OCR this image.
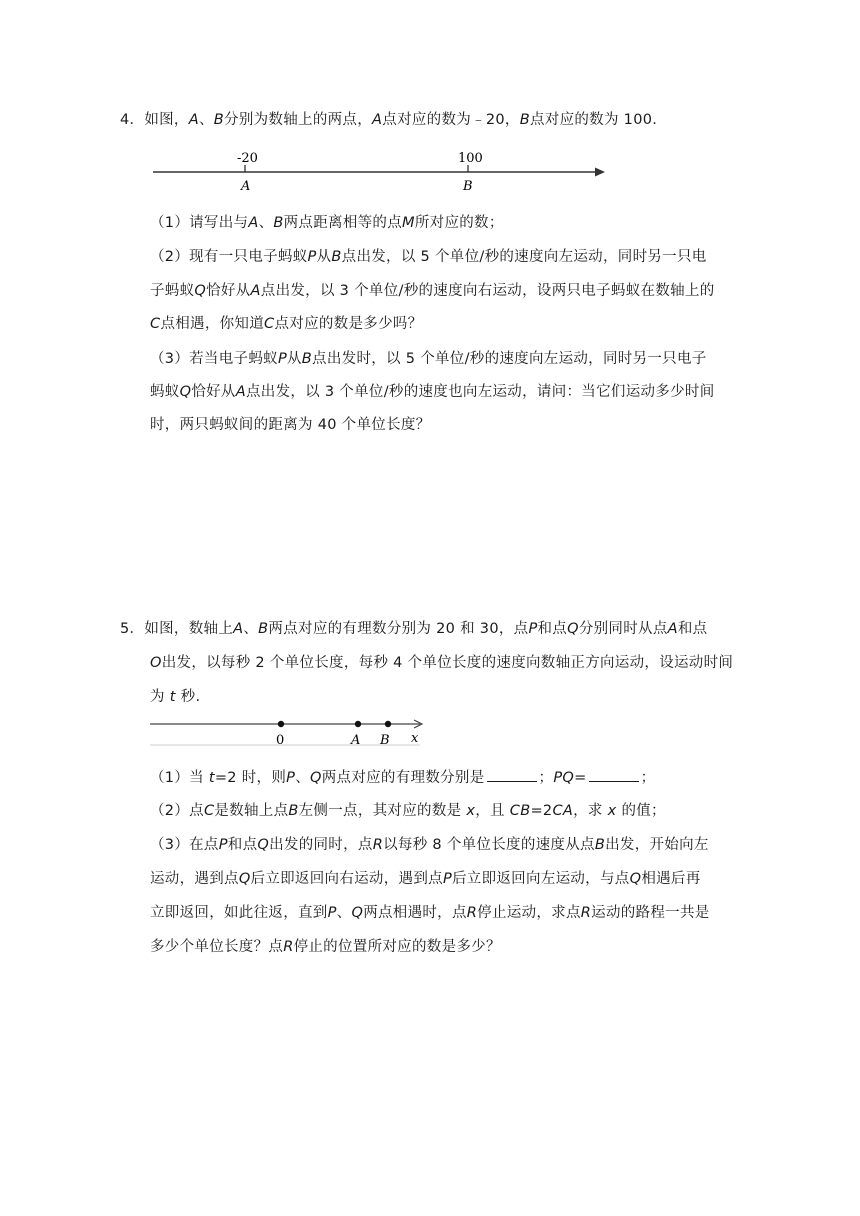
4．如图，A、B分别为数轴上的两点，A点对应的数为﹣20，B点对应的数为 100.
-20	100
A	B
（1）请写出与A、B两点距离相等的点M所对应的数；
（2）现有一只电子蚂蚁P从B点出发，以 5 个单位/秒的速度向左运动，同时另一只电
子蚂蚁Q恰好从A点出发，以 3 个单位/秒的速度向右运动，设两只电子蚂蚁在数轴上的
C点相遇，你知道C点对应的数是多少吗？
（3）若当电子蚂蚁P从B点出发时，以 5 个单位/秒的速度向左运动，同时另一只电子
蚂蚁Q恰好从A点出发，以 3 个单位/秒的速度也向左运动，请问：当它们运动多少时间
时，两只蚂蚁间的距离为 40 个单位长度？
5．如图，数轴上A、B两点对应的有理数分别为 20 和 30，点P和点Q分别同时从点A和点
O出发，以每秒 2 个单位长度，每秒 4 个单位长度的速度向数轴正方向运动，设运动时间
为 t 秒.
0	A B x
（1）当 t=2 时，则P、Q两点对应的有理数分别是	；PQ=	；
（2）点C是数轴上点B左侧一点，其对应的数是 x，且 CB=2CA，求 x 的值；
（3）在点P和点Q出发的同时，点R以每秒 8 个单位长度的速度从点B出发，开始向左
运动，遇到点Q后立即返回向右运动，遇到点P后立即返回向左运动，与点Q相遇后再
立即返回，如此往返，直到P、Q两点相遇时，点R停止运动，求点R运动的路程一共是
多少个单位长度？点R停止的位置所对应的数是多少？
